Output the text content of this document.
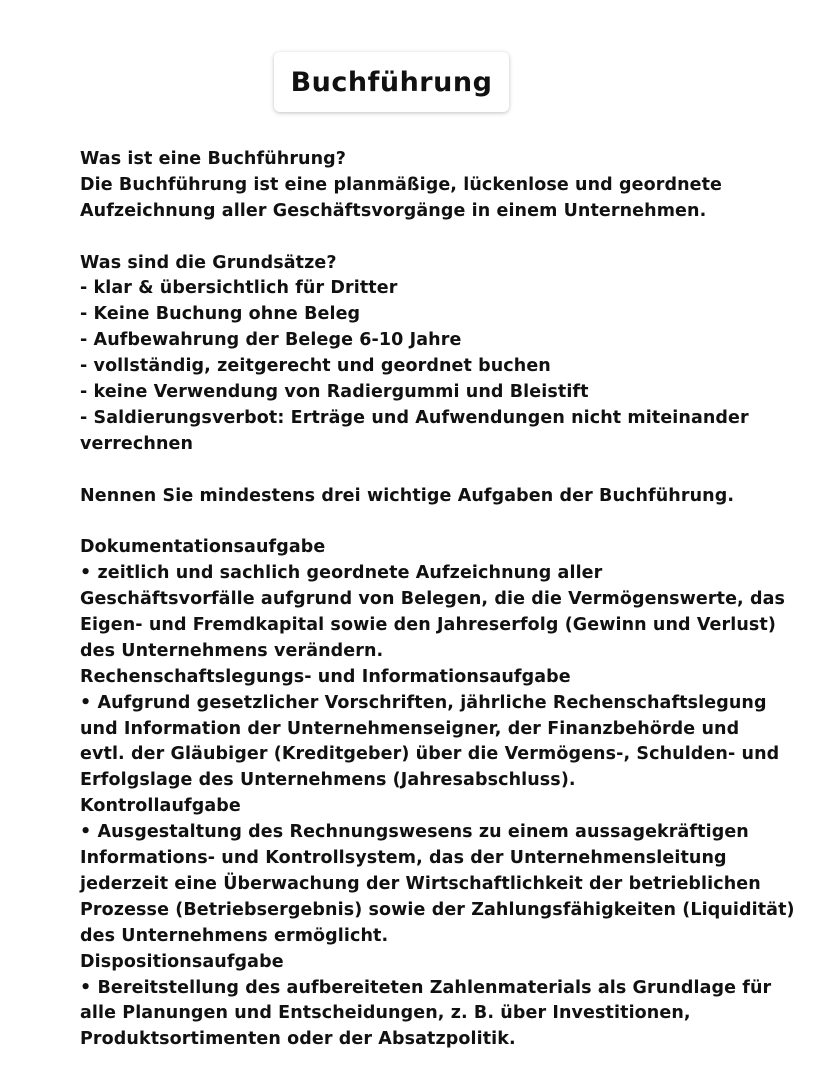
Buchführung
Was ist eine Buchführung?
Die Buchführung ist eine planmäßige, lückenlose und geordnete
Aufzeichnung aller Geschäftsvorgänge in einem Unternehmen.
Was sind die Grundsätze?
- klar & übersichtlich für Dritter
- Keine Buchung ohne Beleg
- Aufbewahrung der Belege 6-10 Jahre
- vollständig, zeitgerecht und geordnet buchen
- keine Verwendung von Radiergummi und Bleistift
- Saldierungsverbot: Erträge und Aufwendungen nicht miteinander
verrechnen
Nennen Sie mindestens drei wichtige Aufgaben der Buchführung.
Dokumentationsaufgabe
• zeitlich und sachlich geordnete Aufzeichnung aller
Geschäftsvorfälle aufgrund von Belegen, die die Vermögenswerte, das
Eigen- und Fremdkapital sowie den Jahreserfolg (Gewinn und Verlust)
des Unternehmens verändern.
Rechenschaftslegungs- und Informationsaufgabe
• Aufgrund gesetzlicher Vorschriften, jährliche Rechenschaftslegung
und Information der Unternehmenseigner, der Finanzbehörde und
evtl. der Gläubiger (Kreditgeber) über die Vermögens-, Schulden- und
Erfolgslage des Unternehmens (Jahresabschluss).
Kontrollaufgabe
• Ausgestaltung des Rechnungswesens zu einem aussagekräftigen
Informations- und Kontrollsystem, das der Unternehmensleitung
jederzeit eine Überwachung der Wirtschaftlichkeit der betrieblichen
Prozesse (Betriebsergebnis) sowie der Zahlungsfähigkeiten (Liquidität)
des Unternehmens ermöglicht.
Dispositionsaufgabe
• Bereitstellung des aufbereiteten Zahlenmaterials als Grundlage für
alle Planungen und Entscheidungen, z. B. über Investitionen,
Produktsortimenten oder der Absatzpolitik.
